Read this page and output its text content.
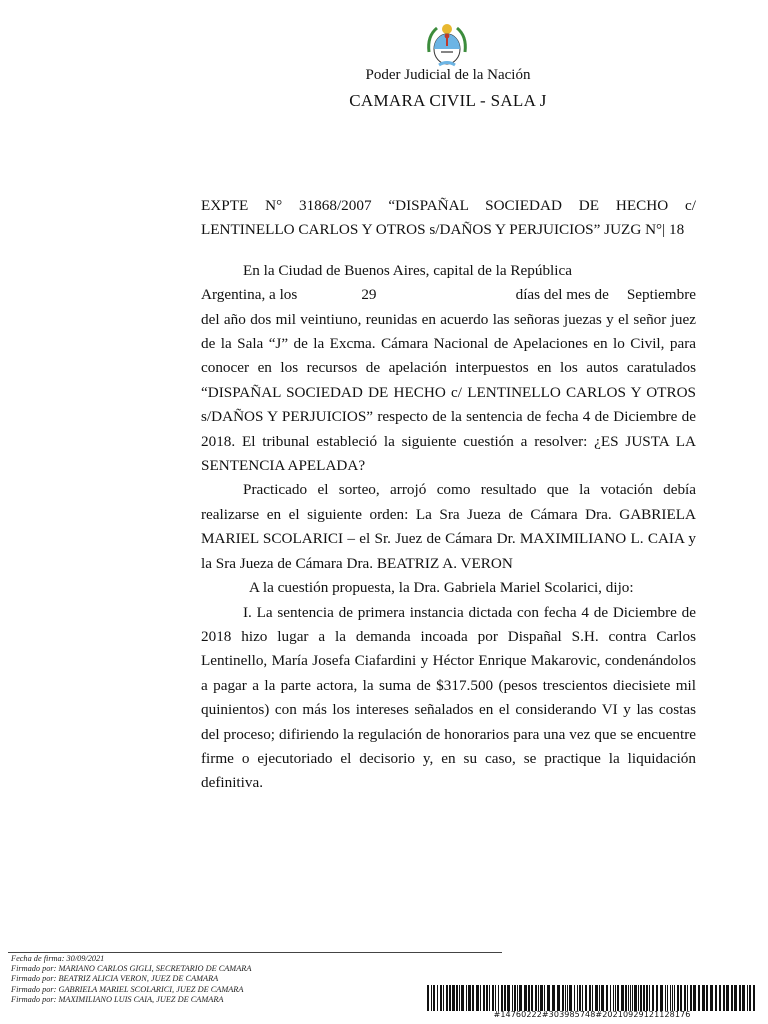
Poder Judicial de la Nación
CAMARA CIVIL - SALA J

EXPTE N° 31868/2007 “DISPAÑAL SOCIEDAD DE HECHO c/ LENTINELLO CARLOS Y OTROS s/DAÑOS Y PERJUICIOS” JUZG N°| 18

En la Ciudad de Buenos Aires, capital de la República

Argentina, a los	29	días del mes de	Septiembre

del año dos mil veintiuno, reunidas en acuerdo las señoras juezas y el señor juez de la Sala “J” de la Excma. Cámara Nacional de Apelaciones en lo Civil, para conocer en los recursos de apelación interpuestos en los autos caratulados “DISPAÑAL SOCIEDAD DE HECHO c/ LENTINELLO CARLOS Y OTROS s/DAÑOS Y PERJUICIOS” respecto de la sentencia de fecha 4 de Diciembre de 2018. El tribunal estableció la siguiente cuestión a resolver: ¿ES JUSTA LA SENTENCIA APELADA?

Practicado el sorteo, arrojó como resultado que la votación debía realizarse en el siguiente orden: La Sra Jueza de Cámara Dra. GABRIELA MARIEL SCOLARICI – el Sr. Juez de Cámara Dr. MAXIMILIANO L. CAIA y la Sra Jueza de Cámara Dra. BEATRIZ A. VERON

A la cuestión propuesta, la Dra. Gabriela Mariel Scolarici, dijo:

I. La sentencia de primera instancia dictada con fecha 4 de Diciembre de 2018 hizo lugar a la demanda incoada por Dispañal S.H. contra Carlos Lentinello, María Josefa Ciafardini y Héctor Enrique Makarovic, condenándolos a pagar a la parte actora, la suma de $317.500 (pesos trescientos diecisiete mil quinientos) con más los intereses señalados en el considerando VI y las costas del proceso; difiriendo la regulación de honorarios para una vez que se encuentre firme o ejecutoriado el decisorio y, en su caso, se practique la liquidación definitiva.

Fecha de firma: 30/09/2021
Firmado por: MARIANO CARLOS GIGLI, SECRETARIO DE CAMARA
Firmado por: BEATRIZ ALICIA VERON, JUEZ DE CAMARA
Firmado por: GABRIELA MARIEL SCOLARICI, JUEZ DE CAMARA
Firmado por: MAXIMILIANO LUIS CAIA, JUEZ DE CAMARA
#14760222#303985748#20210929121128176
